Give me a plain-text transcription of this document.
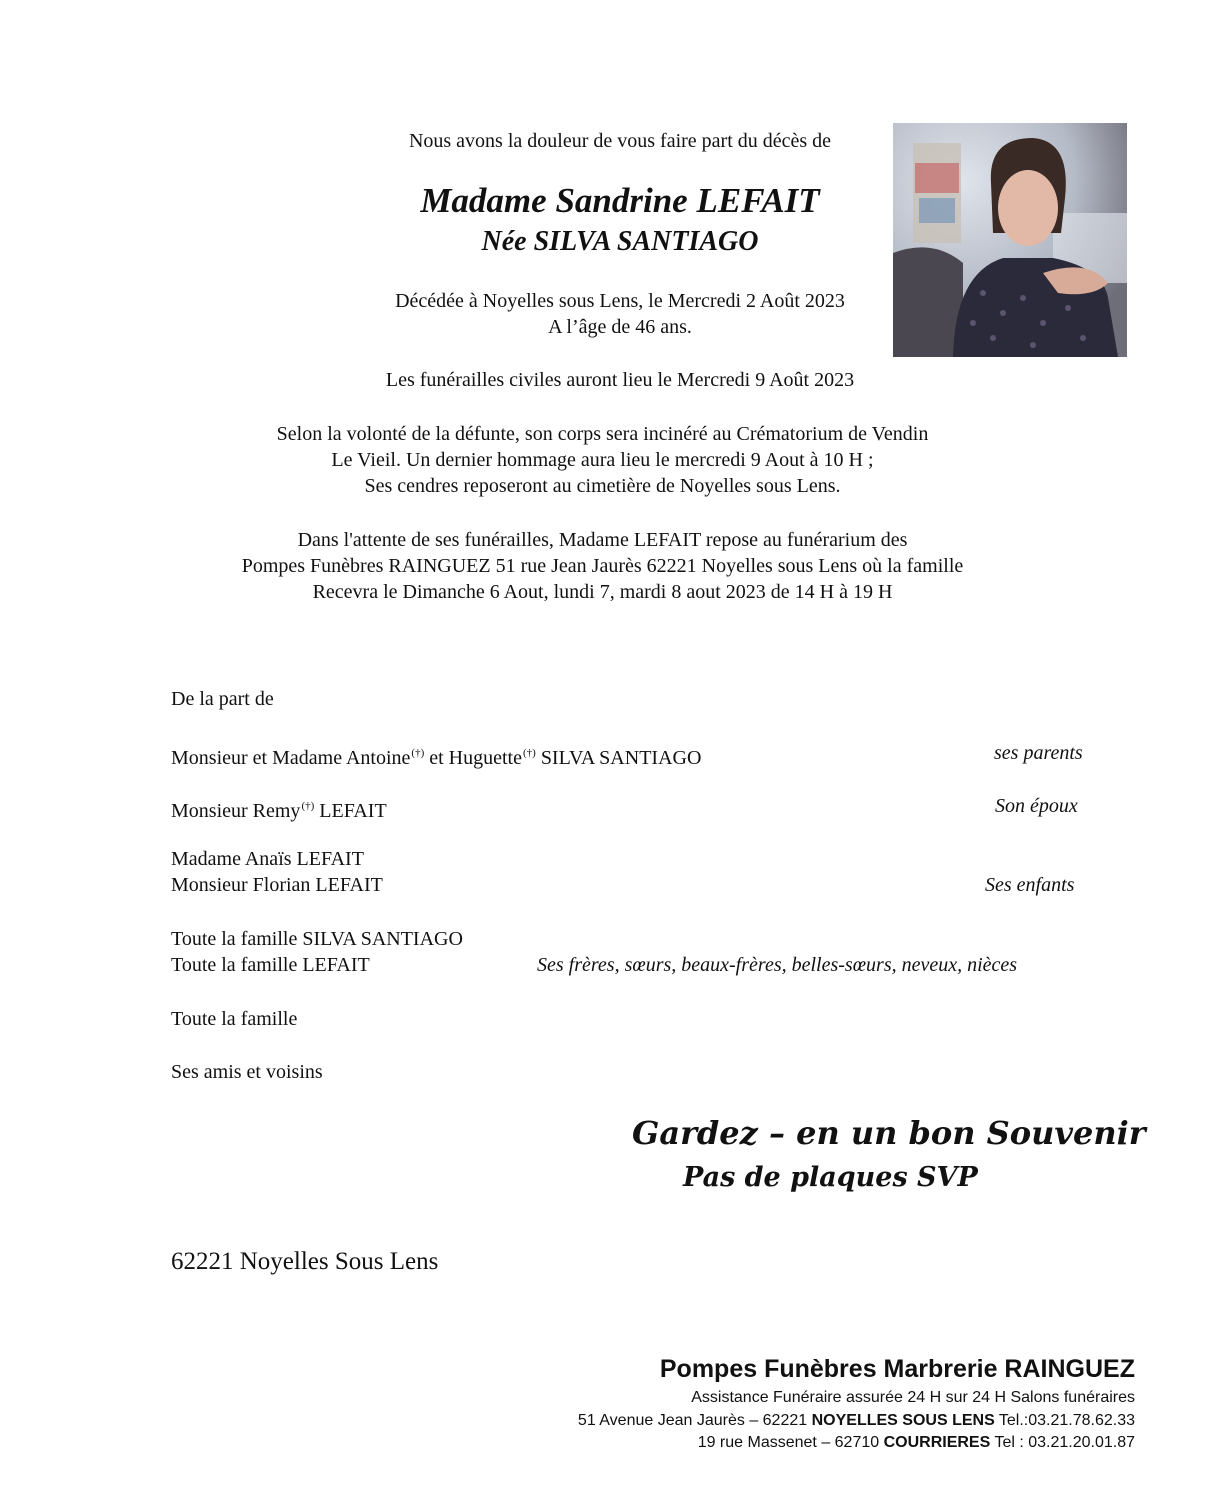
Nous avons la douleur de vous faire part du décès de
Madame Sandrine LEFAIT
Née SILVA SANTIAGO
Décédée à Noyelles sous Lens, le Mercredi 2 Août 2023
A l’âge de 46 ans.
Les funérailles civiles auront lieu le Mercredi 9 Août 2023
Selon la volonté de la défunte, son corps sera incinéré au Crématorium de Vendin
Le Vieil. Un dernier hommage aura lieu le mercredi 9 Aout à 10 H ;
Ses cendres reposeront au cimetière de Noyelles sous Lens.
Dans l'attente de ses funérailles, Madame LEFAIT repose au funérarium des
Pompes Funèbres RAINGUEZ 51 rue Jean Jaurès 62221 Noyelles sous Lens où la famille
Recevra le Dimanche 6 Aout, lundi 7, mardi 8 aout 2023 de 14 H à 19 H
De la part de
Monsieur et Madame Antoine(†) et Huguette(†) SILVA SANTIAGO	ses parents
Monsieur Remy(†) LEFAIT	Son époux
Madame Anaïs LEFAIT
Monsieur Florian LEFAIT	Ses enfants
Toute la famille SILVA SANTIAGO
Toute la famille LEFAIT	Ses frères, sœurs, beaux-frères, belles-sœurs, neveux, nièces
Toute la famille
Ses amis et voisins
Gardez – en un bon Souvenir
Pas de plaques SVP
62221 Noyelles Sous Lens
Pompes Funèbres Marbrerie RAINGUEZ
Assistance Funéraire assurée 24 H sur 24 H Salons funéraires
51 Avenue Jean Jaurès – 62221 NOYELLES SOUS LENS Tel.:03.21.78.62.33
19 rue Massenet – 62710 COURRIERES Tel : 03.21.20.01.87
